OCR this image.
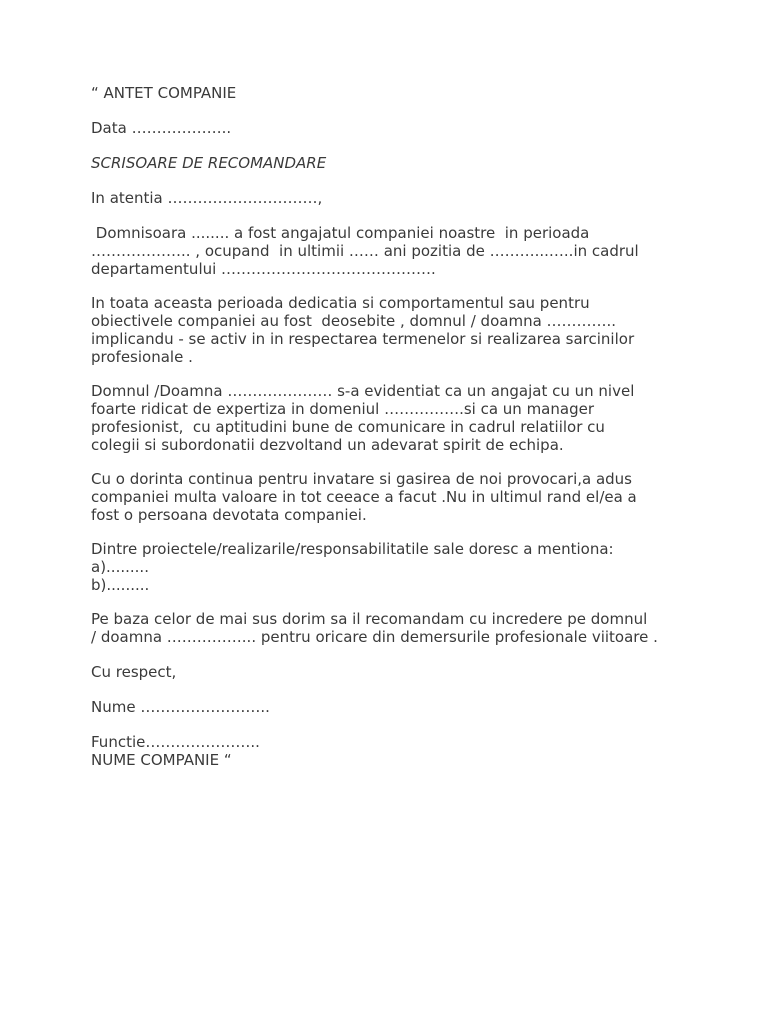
“ ANTET COMPANIE

Data ………………..

SCRISOARE DE RECOMANDARE

In atentia …………………………,

Domnisoara ........ a fost angajatul companiei noastre  in perioada

……………….. , ocupand  in ultimii …… ani pozitia de ………...…..in cadrul

departamentului …………………………………….

In toata aceasta perioada dedicatia si comportamentul sau pentru

obiectivele companiei au fost  deosebite , domnul / doamna …………..

implicandu - se activ in in respectarea termenelor si realizarea sarcinilor

profesionale .

Domnul /Doamna ………………… s-a evidentiat ca un angajat cu un nivel

foarte ridicat de expertiza in domeniul …………….si ca un manager

profesionist,  cu aptitudini bune de comunicare in cadrul relatiilor cu

colegii si subordonatii dezvoltand un adevarat spirit de echipa.

Cu o dorinta continua pentru invatare si gasirea de noi provocari,a adus

companiei multa valoare in tot ceeace a facut .Nu in ultimul rand el/ea a

fost o persoana devotata companiei.

Dintre proiectele/realizarile/responsabilitatile sale doresc a mentiona:

a).........

b).........

Pe baza celor de mai sus dorim sa il recomandam cu incredere pe domnul

/ doamna ……………... pentru oricare din demersurile profesionale viitoare .

Cu respect,

Nume ……………………..

Functie…………………..

NUME COMPANIE “
